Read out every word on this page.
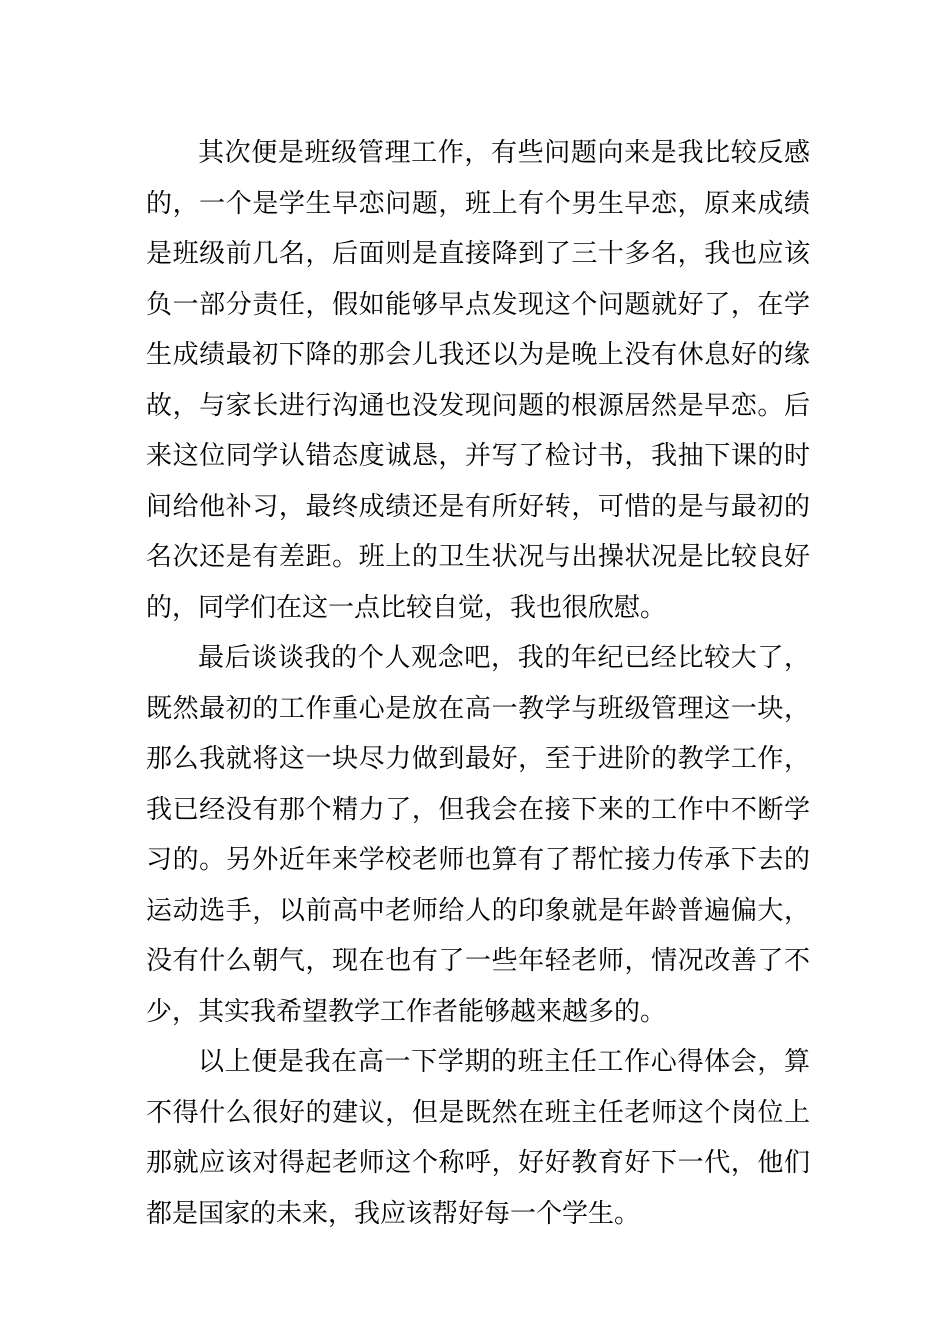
其次便是班级管理工作，有些问题向来是我比较反感的，一个是学生早恋问题，班上有个男生早恋，原来成绩是班级前几名，后面则是直接降到了三十多名，我也应该负一部分责任，假如能够早点发现这个问题就好了，在学生成绩最初下降的那会儿我还以为是晚上没有休息好的缘故，与家长进行沟通也没发现问题的根源居然是早恋。后来这位同学认错态度诚恳，并写了检讨书，我抽下课的时间给他补习，最终成绩还是有所好转，可惜的是与最初的名次还是有差距。班上的卫生状况与出操状况是比较良好的，同学们在这一点比较自觉，我也很欣慰。

最后谈谈我的个人观念吧，我的年纪已经比较大了，既然最初的工作重心是放在高一教学与班级管理这一块，那么我就将这一块尽力做到最好，至于进阶的教学工作，我已经没有那个精力了，但我会在接下来的工作中不断学习的。另外近年来学校老师也算有了帮忙接力传承下去的运动选手，以前高中老师给人的印象就是年龄普遍偏大，没有什么朝气，现在也有了一些年轻老师，情况改善了不少，其实我希望教学工作者能够越来越多的。

以上便是我在高一下学期的班主任工作心得体会，算不得什么很好的建议，但是既然在班主任老师这个岗位上那就应该对得起老师这个称呼，好好教育好下一代，他们都是国家的未来，我应该帮好每一个学生。
